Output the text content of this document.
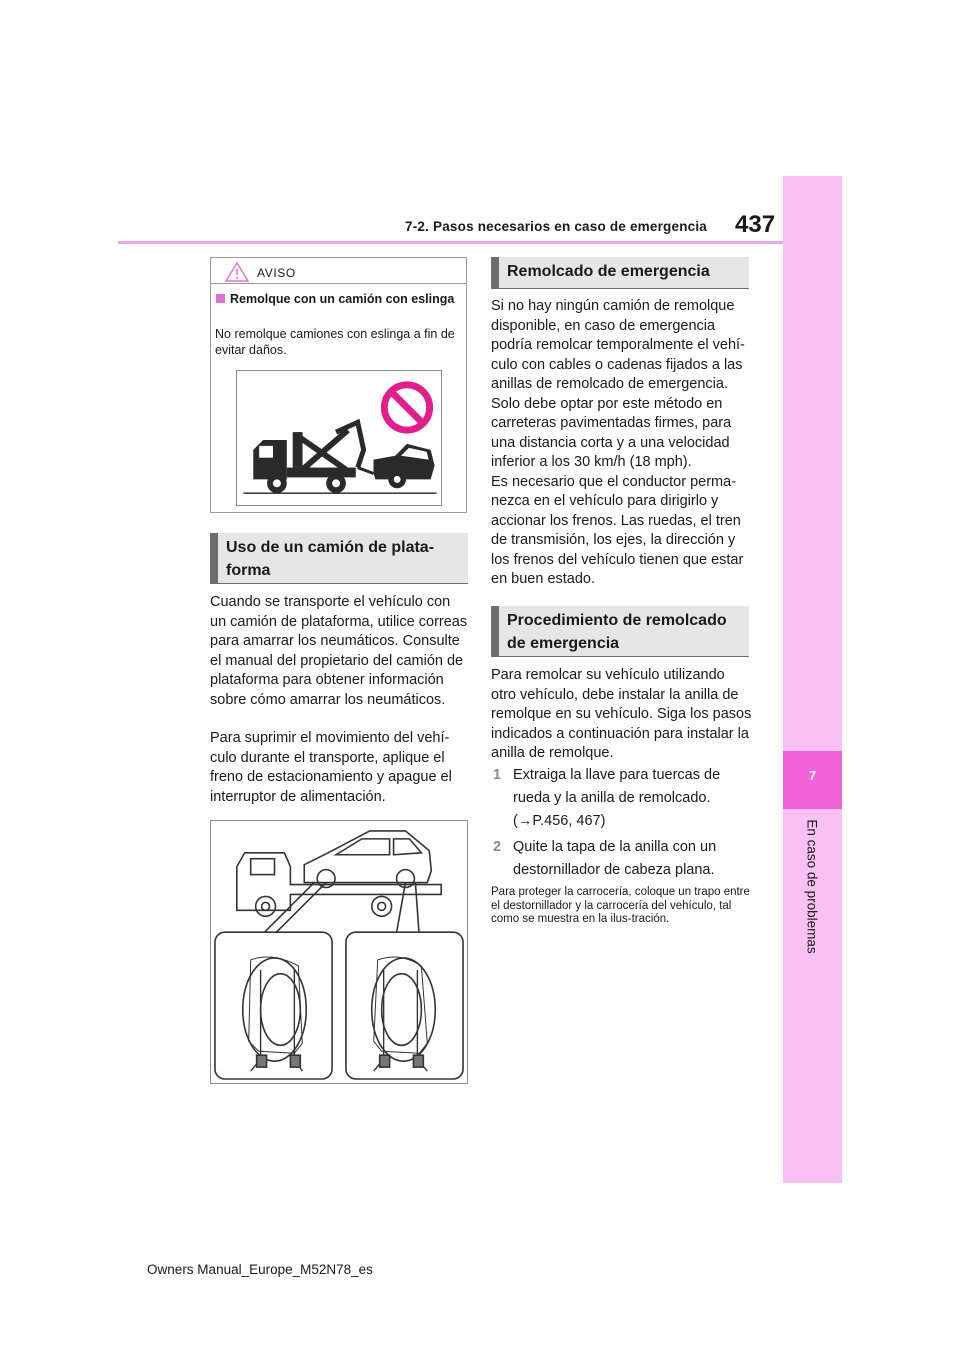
7-2. Pasos necesarios en caso de emergencia 437
7
En caso de problemas
AVISO
Remolque con un camión con eslinga
No remolque camiones con eslinga a fin de evitar daños.
Uso de un camión de plata-forma
Cuando se transporte el vehículo con un camión de plataforma, utilice correas para amarrar los neumáticos. Consulte el manual del propietario del camión de plataforma para obtener información sobre cómo amarrar los neumáticos.
Para suprimir el movimiento del vehí-culo durante el transporte, aplique el freno de estacionamiento y apague el interruptor de alimentación.
Remolcado de emergencia
Si no hay ningún camión de remolque disponible, en caso de emergencia podría remolcar temporalmente el vehí-culo con cables o cadenas fijados a las anillas de remolcado de emergencia. Solo debe optar por este método en carreteras pavimentadas firmes, para una distancia corta y a una velocidad inferior a los 30 km/h (18 mph).
Es necesario que el conductor perma-nezca en el vehículo para dirigirlo y accionar los frenos. Las ruedas, el tren de transmisión, los ejes, la dirección y los frenos del vehículo tienen que estar en buen estado.
Procedimiento de remolcado de emergencia
Para remolcar su vehículo utilizando otro vehículo, debe instalar la anilla de remolque en su vehículo. Siga los pasos indicados a continuación para instalar la anilla de remolque.
1 Extraiga la llave para tuercas de rueda y la anilla de remolcado.
(→P.456, 467)
2 Quite la tapa de la anilla con un destornillador de cabeza plana.
Para proteger la carrocería, coloque un trapo entre el destornillador y la carrocería del vehículo, tal como se muestra en la ilus-tración.
Owners Manual_Europe_M52N78_es
